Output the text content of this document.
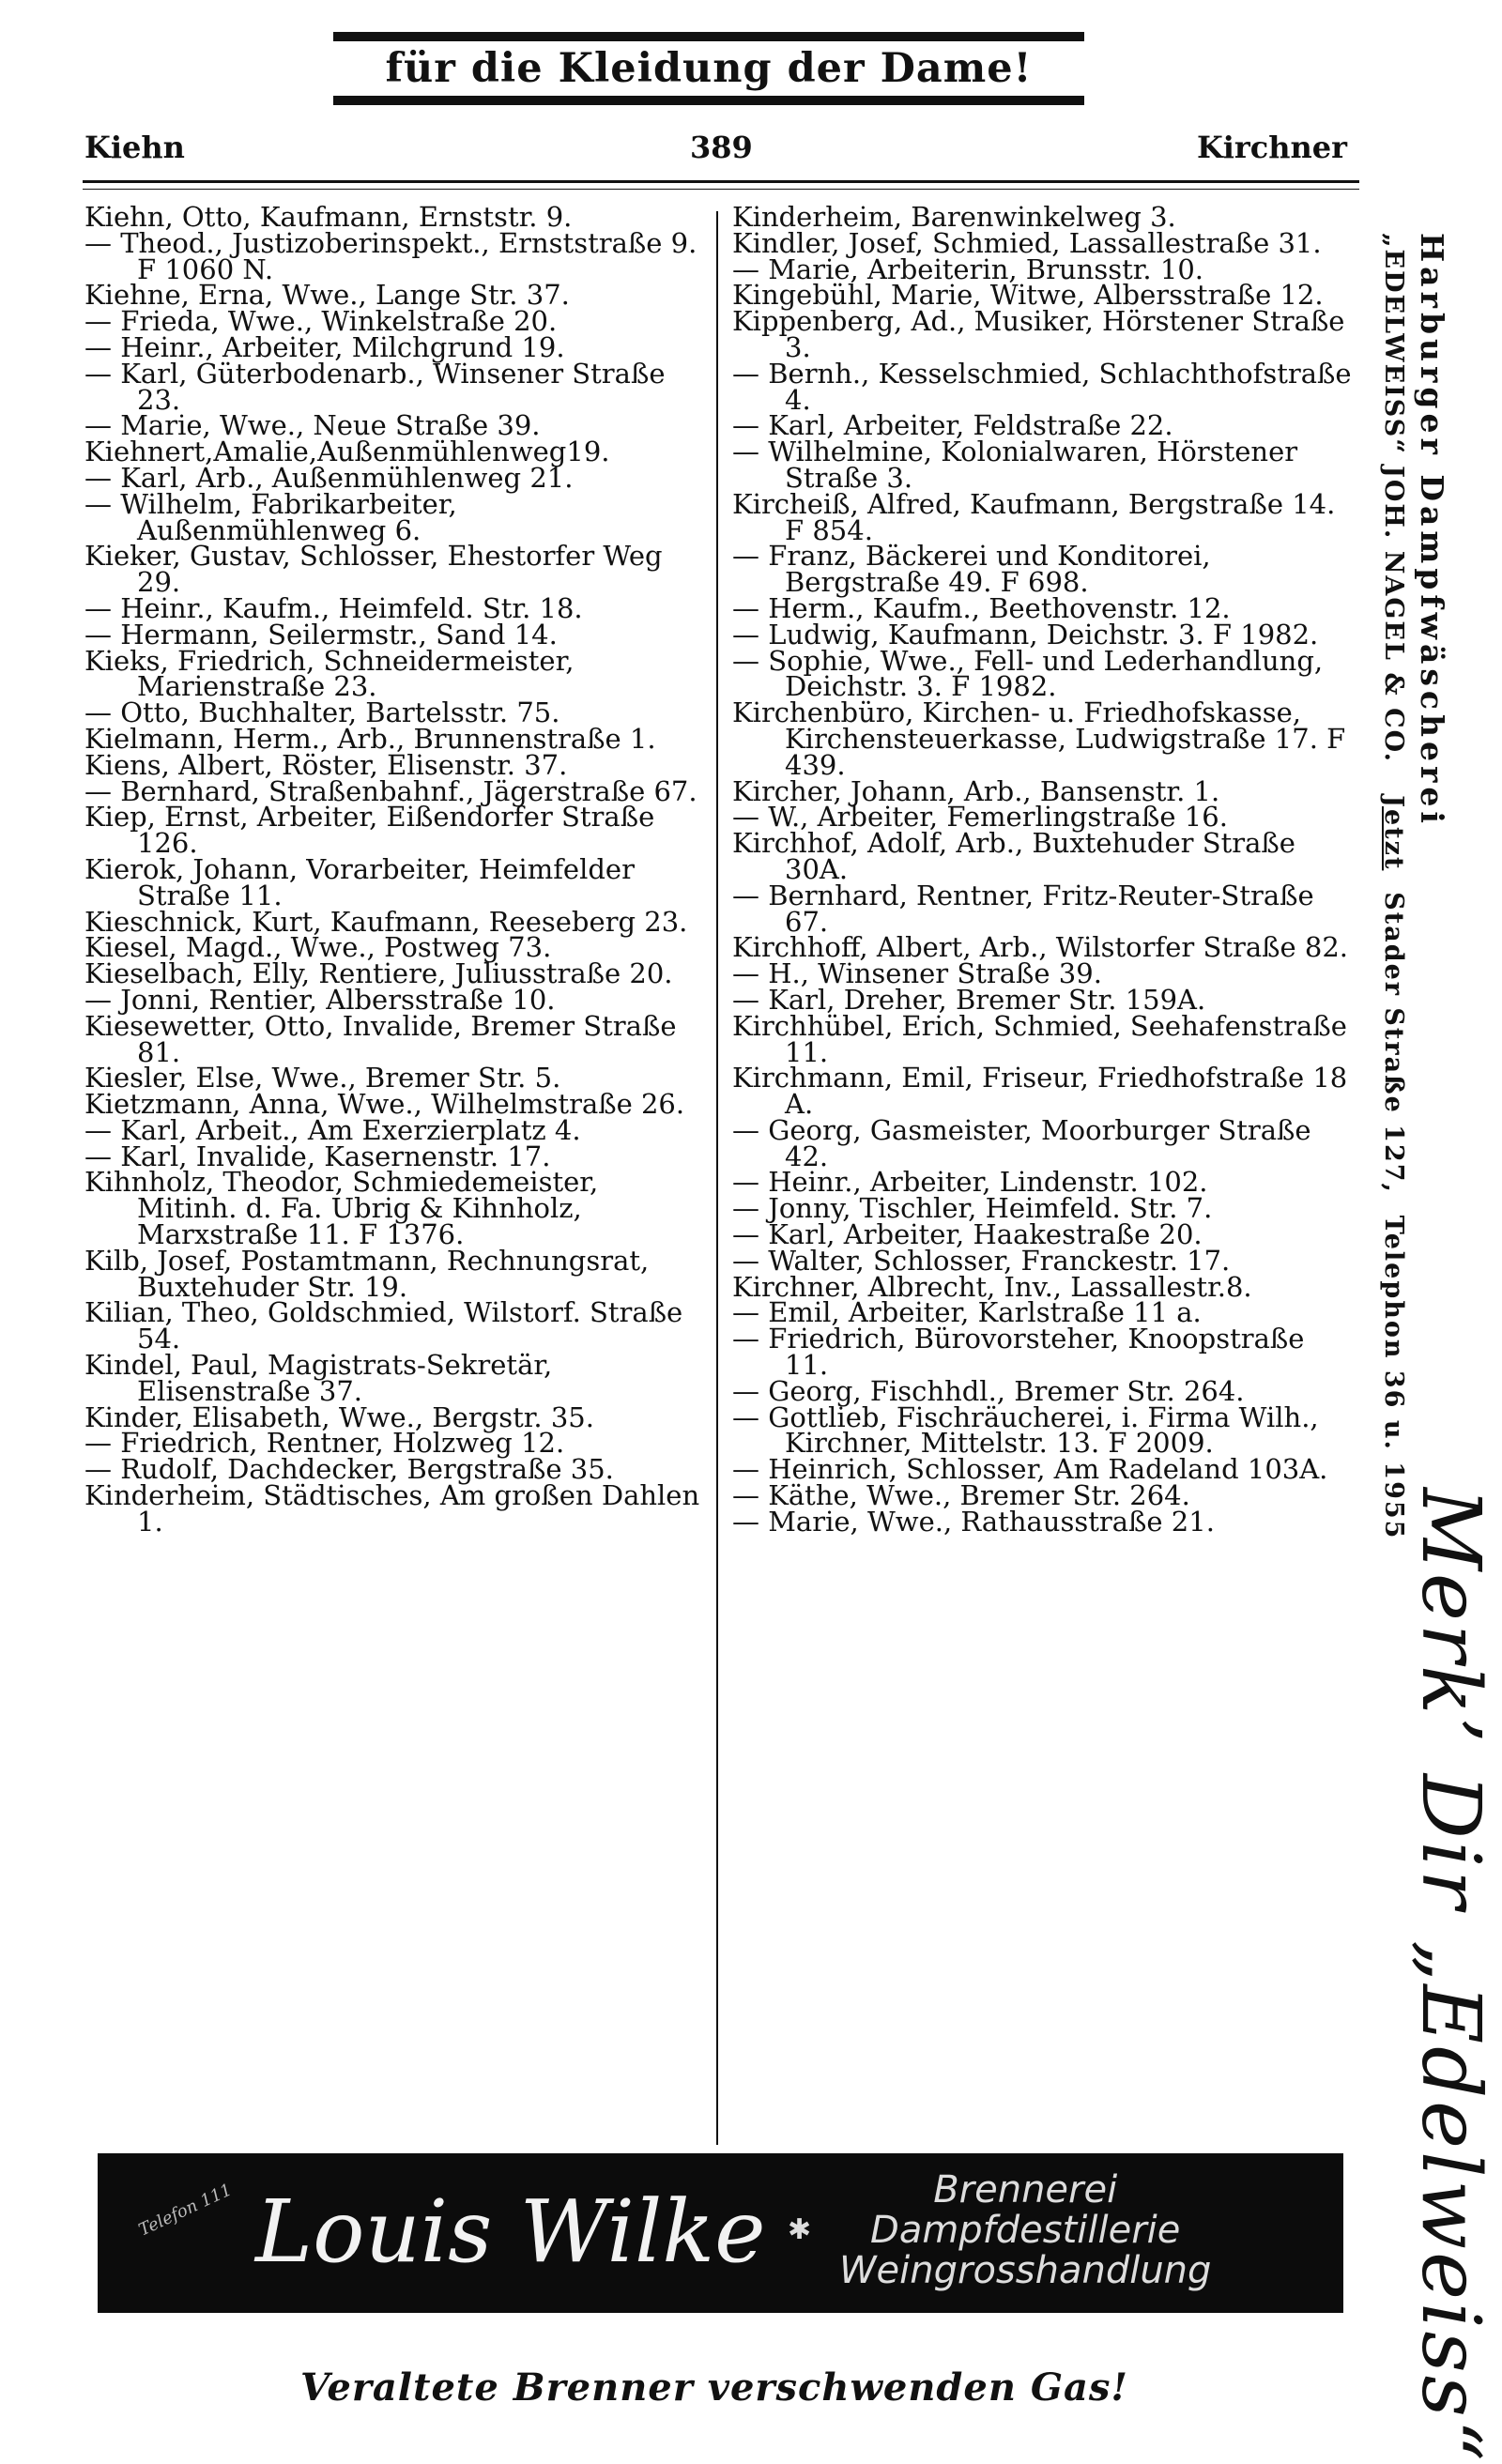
für die Kleidung der Dame!
Kiehn	389	Kirchner

Kiehn, Otto, Kaufmann, Ernststr. 9.

— Theod., Justizoberinspekt., Ernststraße 9. F 1060 N.

Kiehne, Erna, Wwe., Lange Str. 37.

— Frieda, Wwe., Winkelstraße 20.

— Heinr., Arbeiter, Milchgrund 19.

— Karl, Güterbodenarb., Winsener Straße 23.

— Marie, Wwe., Neue Straße 39.

Kiehnert,Amalie,Außenmühlenweg19.

— Karl, Arb., Außenmühlenweg 21.

— Wilhelm, Fabrikarbeiter, Außenmühlenweg 6.

Kieker, Gustav, Schlosser, Ehestorfer Weg 29.

— Heinr., Kaufm., Heimfeld. Str. 18.

— Hermann, Seilermstr., Sand 14.

Kieks, Friedrich, Schneidermeister, Marienstraße 23.

— Otto, Buchhalter, Bartelsstr. 75.

Kielmann, Herm., Arb., Brunnenstraße 1.

Kiens, Albert, Röster, Elisenstr. 37.

— Bernhard, Straßenbahnf., Jägerstraße 67.

Kiep, Ernst, Arbeiter, Eißendorfer Straße 126.

Kierok, Johann, Vorarbeiter, Heimfelder Straße 11.

Kieschnick, Kurt, Kaufmann, Reeseberg 23.

Kiesel, Magd., Wwe., Postweg 73.

Kieselbach, Elly, Rentiere, Juliusstraße 20.

— Jonni, Rentier, Albersstraße 10.

Kiesewetter, Otto, Invalide, Bremer Straße 81.

Kiesler, Else, Wwe., Bremer Str. 5.

Kietzmann, Anna, Wwe., Wilhelmstraße 26.

— Karl, Arbeit., Am Exerzierplatz 4.

— Karl, Invalide, Kasernenstr. 17.

Kihnholz, Theodor, Schmiedemeister, Mitinh. d. Fa. Ubrig & Kihnholz, Marxstraße 11. F 1376.

Kilb, Josef, Postamtmann, Rechnungsrat, Buxtehuder Str. 19.

Kilian, Theo, Goldschmied, Wilstorf. Straße 54.

Kindel, Paul, Magistrats-Sekretär, Elisenstraße 37.

Kinder, Elisabeth, Wwe., Bergstr. 35.

— Friedrich, Rentner, Holzweg 12.

— Rudolf, Dachdecker, Bergstraße 35.

Kinderheim, Städtisches, Am großen Dahlen 1.

Kinderheim, Barenwinkelweg 3.

Kindler, Josef, Schmied, Lassallestraße 31.

— Marie, Arbeiterin, Brunsstr. 10.

Kingebühl, Marie, Witwe, Albersstraße 12.

Kippenberg, Ad., Musiker, Hörstener Straße 3.

— Bernh., Kesselschmied, Schlachthofstraße 4.

— Karl, Arbeiter, Feldstraße 22.

— Wilhelmine, Kolonialwaren, Hörstener Straße 3.

Kircheiß, Alfred, Kaufmann, Bergstraße 14. F 854.

— Franz, Bäckerei und Konditorei, Bergstraße 49. F 698.

— Herm., Kaufm., Beethovenstr. 12.

— Ludwig, Kaufmann, Deichstr. 3. F 1982.

— Sophie, Wwe., Fell- und Lederhandlung, Deichstr. 3. F 1982.

Kirchenbüro, Kirchen- u. Friedhofskasse, Kirchensteuerkasse, Ludwigstraße 17. F 439.

Kircher, Johann, Arb., Bansenstr. 1.

— W., Arbeiter, Femerlingstraße 16.

Kirchhof, Adolf, Arb., Buxtehuder Straße 30A.

— Bernhard, Rentner, Fritz-Reuter-Straße 67.

Kirchhoff, Albert, Arb., Wilstorfer Straße 82.

— H., Winsener Straße 39.

— Karl, Dreher, Bremer Str. 159A.

Kirchhübel, Erich, Schmied, Seehafenstraße 11.

Kirchmann, Emil, Friseur, Friedhofstraße 18 A.

— Georg, Gasmeister, Moorburger Straße 42.

— Heinr., Arbeiter, Lindenstr. 102.

— Jonny, Tischler, Heimfeld. Str. 7.

— Karl, Arbeiter, Haakestraße 20.

— Walter, Schlosser, Franckestr. 17.

Kirchner, Albrecht, Inv., Lassallestr.8.

— Emil, Arbeiter, Karlstraße 11 a.

— Friedrich, Bürovorsteher, Knoopstraße 11.

— Georg, Fischhdl., Bremer Str. 264.

— Gottlieb, Fischräucherei, i. Firma Wilh., Kirchner, Mittelstr. 13. F 2009.

— Heinrich, Schlosser, Am Radeland 103A.

— Käthe, Wwe., Bremer Str. 264.

— Marie, Wwe., Rathausstraße 21.

Harburger Dampfwäscherei
„EDELWEISS“ JOH. NAGEL & CO.   Jetzt  Stader Straße 127,  Telephon 36 u. 1955
Merk’ Dir „Edelweiss“
Telefon 111 Louis Wilke ✱
Brennerei
Dampfdestillerie
Weingrosshandlung
Veraltete Brenner verschwenden Gas!
